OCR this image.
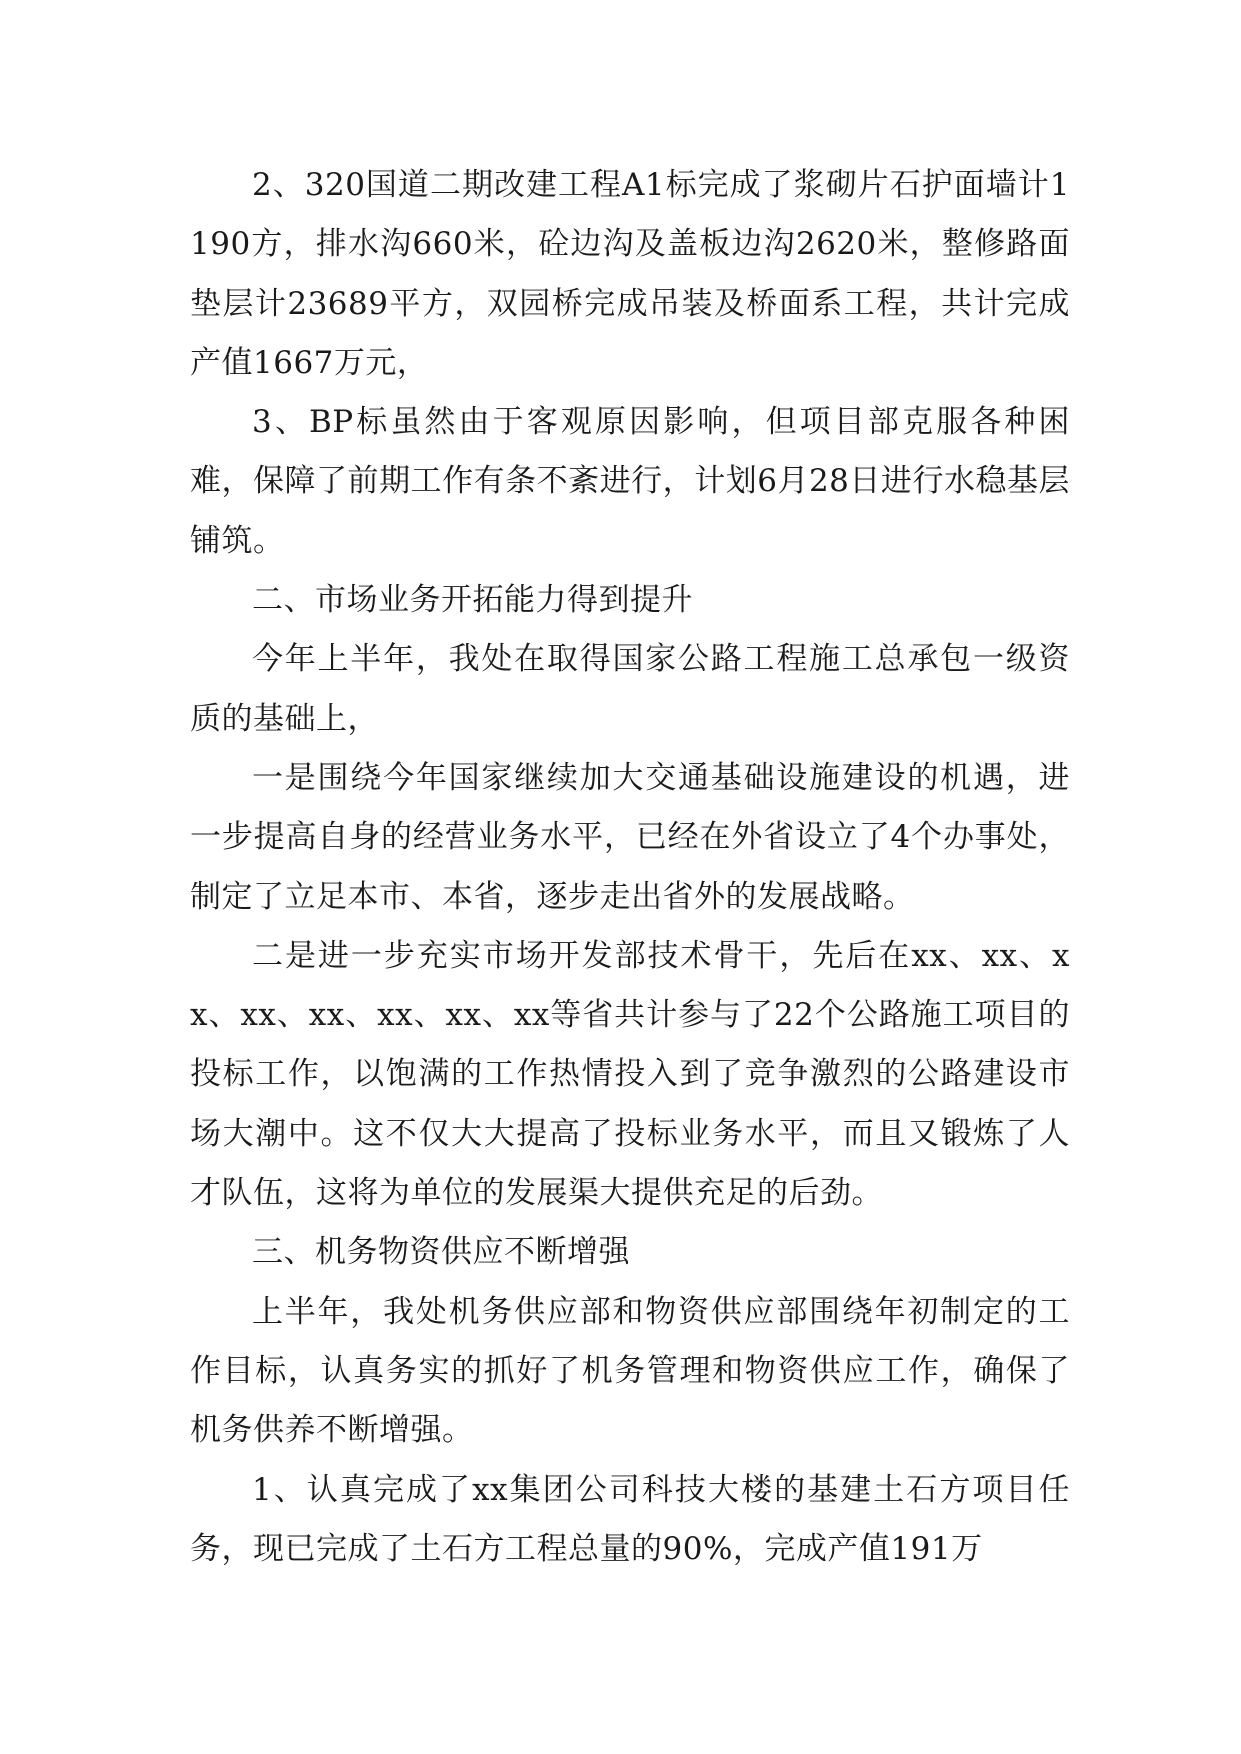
2、320国道二期改建工程A1标完成了浆砌片石护面墙计1190方，排水沟660米，砼边沟及盖板边沟2620米，整修路面垫层计23689平方，双园桥完成吊装及桥面系工程，共计完成产值1667万元，

3、BP标虽然由于客观原因影响，但项目部克服各种困难，保障了前期工作有条不紊进行，计划6月28日进行水稳基层铺筑。

二、市场业务开拓能力得到提升

今年上半年，我处在取得国家公路工程施工总承包一级资质的基础上，

一是围绕今年国家继续加大交通基础设施建设的机遇，进一步提高自身的经营业务水平，已经在外省设立了4个办事处，制定了立足本市、本省，逐步走出省外的发展战略。

二是进一步充实市场开发部技术骨干，先后在xx、xx、xx、xx、xx、xx、xx、xx等省共计参与了22个公路施工项目的投标工作，以饱满的工作热情投入到了竞争激烈的公路建设市场大潮中。这不仅大大提高了投标业务水平，而且又锻炼了人才队伍，这将为单位的发展渠大提供充足的后劲。

三、机务物资供应不断增强

上半年，我处机务供应部和物资供应部围绕年初制定的工作目标，认真务实的抓好了机务管理和物资供应工作，确保了机务供养不断增强。

1、认真完成了xx集团公司科技大楼的基建土石方项目任务，现已完成了土石方工程总量的90%，完成产值191万
